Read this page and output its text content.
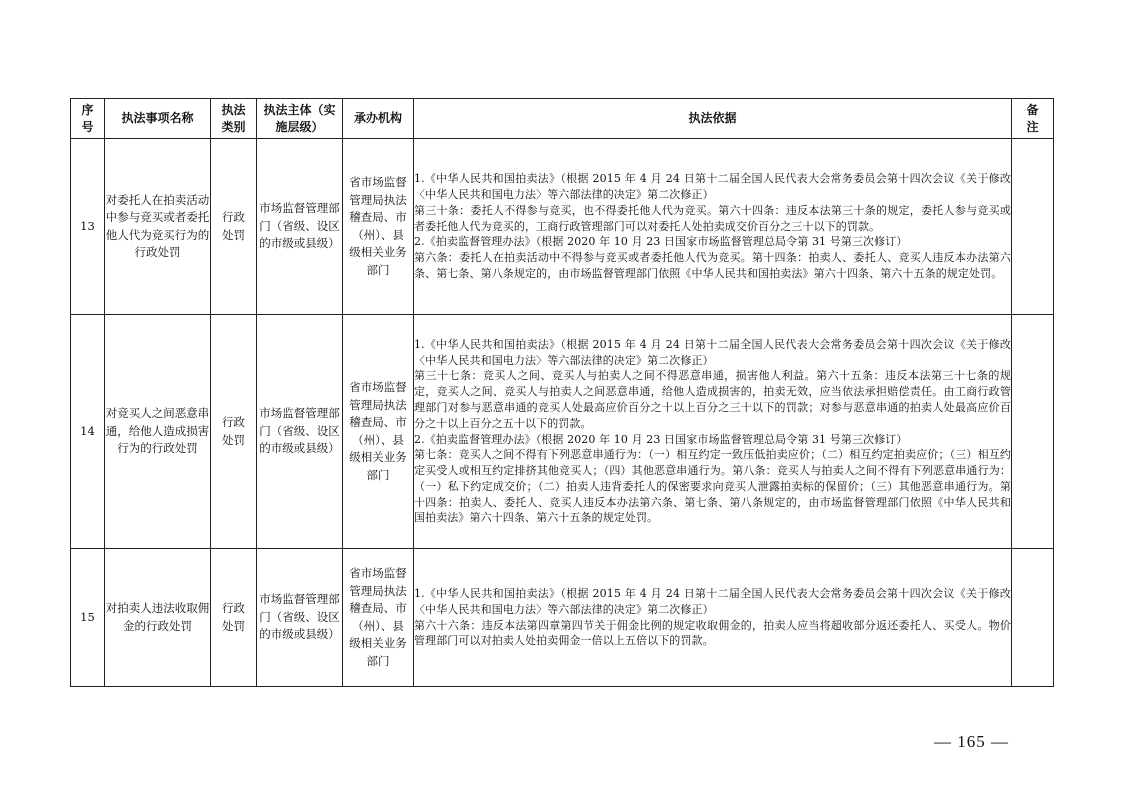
序号	执法事项名称	执法类别	执法主体（实施层级）	承办机构	执法依据	备注
13	对委托人在拍卖活动中参与竞买或者委托他人代为竞买行为的行政处罚	行政处罚	市场监督管理部门（省级、设区的市级或县级）	省市场监督管理局执法稽查局、市（州）、县级相关业务部门	1.《中华人民共和国拍卖法》（根据 2015 年 4 月 24 日第十二届全国人民代表大会常务委员会第十四次会议《关于修改〈中华人民共和国电力法〉等六部法律的决定》第二次修正）

第三十条：委托人不得参与竞买，也不得委托他人代为竞买。第六十四条：违反本法第三十条的规定，委托人参与竞买或者委托他人代为竞买的，工商行政管理部门可以对委托人处拍卖成交价百分之三十以下的罚款。

2.《拍卖监督管理办法》（根据 2020 年 10 月 23 日国家市场监督管理总局令第 31 号第三次修订）

第六条：委托人在拍卖活动中不得参与竞买或者委托他人代为竞买。第十四条：拍卖人、委托人、竞买人违反本办法第六条、第七条、第八条规定的，由市场监督管理部门依照《中华人民共和国拍卖法》第六十四条、第六十五条的规定处罚。	

14	对竞买人之间恶意串通，给他人造成损害行为的行政处罚	行政处罚	市场监督管理部门（省级、设区的市级或县级）	省市场监督管理局执法稽查局、市（州）、县级相关业务部门	1.《中华人民共和国拍卖法》（根据 2015 年 4 月 24 日第十二届全国人民代表大会常务委员会第十四次会议《关于修改〈中华人民共和国电力法〉等六部法律的决定》第二次修正）

第三十七条：竞买人之间、竞买人与拍卖人之间不得恶意串通，损害他人利益。第六十五条：违反本法第三十七条的规定，竞买人之间、竞买人与拍卖人之间恶意串通，给他人造成损害的，拍卖无效，应当依法承担赔偿责任。由工商行政管理部门对参与恶意串通的竞买人处最高应价百分之十以上百分之三十以下的罚款；对参与恶意串通的拍卖人处最高应价百分之十以上百分之五十以下的罚款。

2.《拍卖监督管理办法》（根据 2020 年 10 月 23 日国家市场监督管理总局令第 31 号第三次修订）

第七条：竞买人之间不得有下列恶意串通行为：（一）相互约定一致压低拍卖应价；（二）相互约定拍卖应价；（三）相互约定买受人或相互约定排挤其他竞买人；（四）其他恶意串通行为。第八条：竞买人与拍卖人之间不得有下列恶意串通行为：（一）私下约定成交价；（二）拍卖人违背委托人的保密要求向竞买人泄露拍卖标的保留价；（三）其他恶意串通行为。第十四条：拍卖人、委托人、竞买人违反本办法第六条、第七条、第八条规定的，由市场监督管理部门依照《中华人民共和国拍卖法》第六十四条、第六十五条的规定处罚。	

15	对拍卖人违法收取佣金的行政处罚	行政处罚	市场监督管理部门（省级、设区的市级或县级）	省市场监督管理局执法稽查局、市（州）、县级相关业务部门	1.《中华人民共和国拍卖法》（根据 2015 年 4 月 24 日第十二届全国人民代表大会常务委员会第十四次会议《关于修改〈中华人民共和国电力法〉等六部法律的决定》第二次修正）

第六十六条：违反本法第四章第四节关于佣金比例的规定收取佣金的，拍卖人应当将超收部分返还委托人、买受人。物价管理部门可以对拍卖人处拍卖佣金一倍以上五倍以下的罚款。	

— 165 —
